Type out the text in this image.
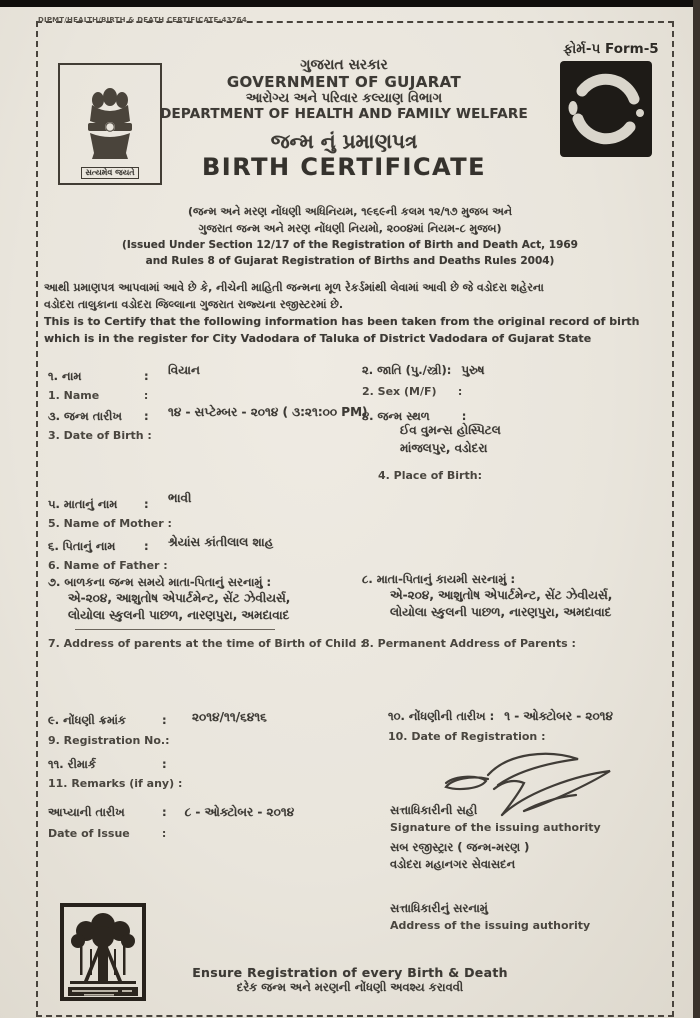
DIPMT/HEALTH/BIRTH & DEATH CERTIFICATE-43764
સત્યમેવ જયતે
ફોર્મ-૫ Form-5
ગુજરાત સરકાર
GOVERNMENT OF GUJARAT
આરોગ્ય અને પરિવાર કલ્યાણ વિભાગ
DEPARTMENT OF HEALTH AND FAMILY WELFARE
જન્મ નું પ્રમાણપત્ર
BIRTH CERTIFICATE
(જન્મ અને મરણ નોંધણી અધિનિયમ, ૧૯૬૯ની કલમ ૧૨/૧૭ મુજબ અને
ગુજરાત જન્મ અને મરણ નોંધણી નિયમો, ૨૦૦૪માં નિયમ-૮ મુજબ)
(Issued Under Section 12/17 of the Registration of Birth and Death Act, 1969
and Rules 8 of Gujarat Registration of Births and Deaths Rules 2004)
આથી પ્રમાણપત્ર આપવામાં આવે છે કે, નીચેની માહિતી જન્મના મૂળ રેકર્ડમાંથી લેવામાં આવી છે જે વડોદરા શહેરના
વડોદરા તાલુકાના વડોદરા જિલ્લાના ગુજરાત રાજ્યના રજીસ્ટરમાં છે.
This is to Certify that the following information has been taken from the original record of birth
which is in the register for City Vadodara of Taluka of District Vadodara of Gujarat State
૧. નામ	: વિયાન
1. Name	:
૨. જાતિ (પુ./સ્ત્રી): પુરુષ
2. Sex (M/F) :
૩. જન્મ તારીખ : ૧૪ - સપ્ટેમ્બર - ૨૦૧૪ ( ૩:૨૧:૦૦ PM)
3. Date of Birth :
૪. જન્મ સ્થળ	:
ઈવ વુમન્સ હોસ્પિટલ
માંજલપુર, વડોદરા
4. Place of Birth:
૫. માતાનું નામ : ભાવી
5. Name of Mother :
૬. પિતાનું નામ : શ્રેયાંસ કાંતીલાલ શાહ
6. Name of Father :
૭. બાળકના જન્મ સમયે માતા-પિતાનું સરનામું :
એ-૨૦૪, આશુતોષ એપાર્ટમેન્ટ, સેંટ ઝેવીયર્સ,
લોયોલા સ્કુલની પાછળ, નારણપુરા, અમદાવાદ
7. Address of parents at the time of Birth of Child :
૮. માતા-પિતાનું કાયમી સરનામું :
એ-૨૦૪, આશુતોષ એપાર્ટમેન્ટ, સેંટ ઝેવીયર્સ,
લોયોલા સ્કુલની પાછળ, નારણપુરા, અમદાવાદ
8. Permanent Address of Parents :
૯. નોંધણી ક્રમાંક	: ૨૦૧૪/૧૧/૬૪૧૬
9. Registration No.:
૧૦. નોંધણીની તારીખ : ૧ - ઓક્ટોબર - ૨૦૧૪
10. Date of Registration :
૧૧. રીમાર્ક	:
11. Remarks (if any) :
આપ્યાની તારીખ	: ૮ - ઓક્ટોબર - ૨૦૧૪
Date of Issue	:
સત્તાધિકારીની સહી
Signature of the issuing authority
સબ રજીસ્ટ્રાર ( જન્મ-મરણ )
વડોદરા મહાનગર સેવાસદન
સત્તાધિકારીનું સરનામું
Address of the issuing authority
Ensure Registration of every Birth & Death
દરેક જન્મ અને મરણની નોંધણી અવશ્ય કરાવવી
